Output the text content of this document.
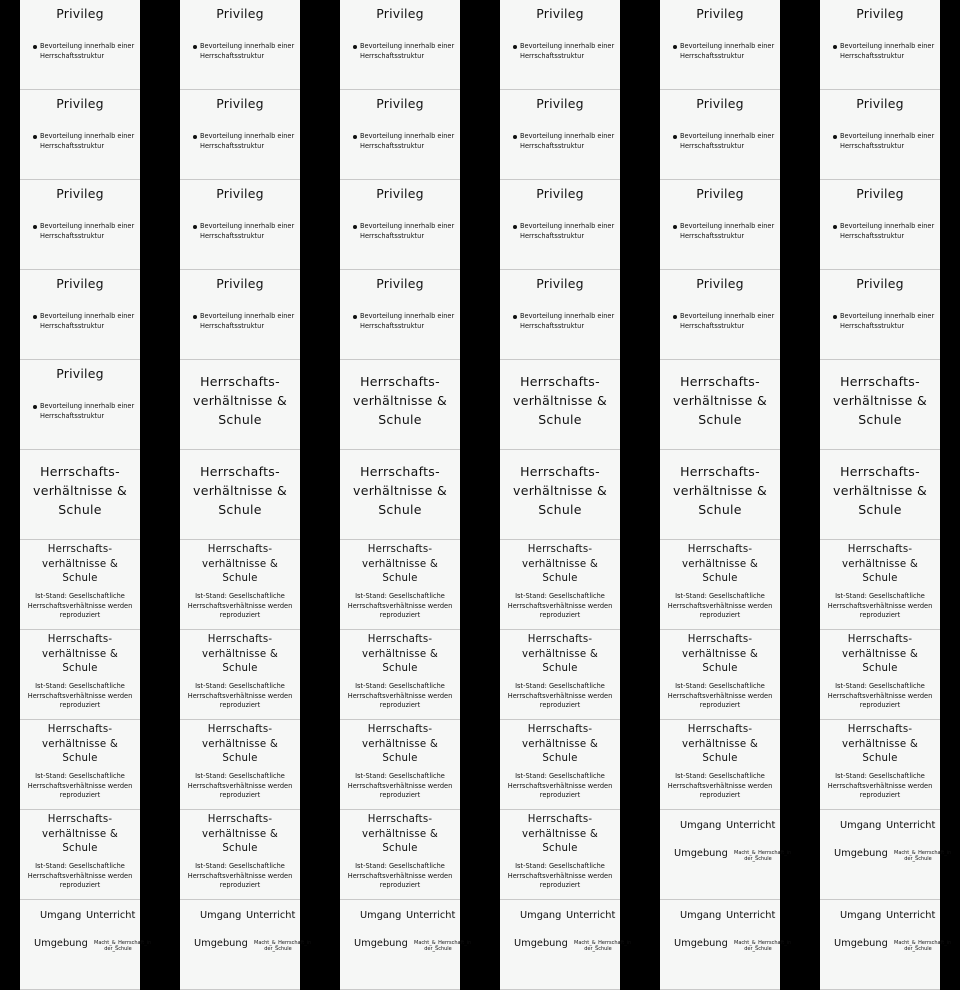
Privileg
Bevorteilung innerhalb einer
Herrschaftsstruktur
Privileg
Bevorteilung innerhalb einer
Herrschaftsstruktur
Privileg
Bevorteilung innerhalb einer
Herrschaftsstruktur
Privileg
Bevorteilung innerhalb einer
Herrschaftsstruktur
Privileg
Bevorteilung innerhalb einer
Herrschaftsstruktur
Herrschafts-
verhältnisse &
Schule
Herrschafts-
verhältnisse &
Schule
Ist-Stand: Gesellschaftliche
Herrschaftsverhältnisse werden
reproduziert
Herrschafts-
verhältnisse &
Schule
Ist-Stand: Gesellschaftliche
Herrschaftsverhältnisse werden
reproduziert
Herrschafts-
verhältnisse &
Schule
Ist-Stand: Gesellschaftliche
Herrschaftsverhältnisse werden
reproduziert
Herrschafts-
verhältnisse &
Schule
Ist-Stand: Gesellschaftliche
Herrschaftsverhältnisse werden
reproduziert
Umgang Unterricht
Umgebung Macht_&_Herrschaft_in
der_Schule
Privileg
Bevorteilung innerhalb einer
Herrschaftsstruktur
Privileg
Bevorteilung innerhalb einer
Herrschaftsstruktur
Privileg
Bevorteilung innerhalb einer
Herrschaftsstruktur
Privileg
Bevorteilung innerhalb einer
Herrschaftsstruktur
Herrschafts-
verhältnisse &
Schule
Herrschafts-
verhältnisse &
Schule
Herrschafts-
verhältnisse &
Schule
Ist-Stand: Gesellschaftliche
Herrschaftsverhältnisse werden
reproduziert
Herrschafts-
verhältnisse &
Schule
Ist-Stand: Gesellschaftliche
Herrschaftsverhältnisse werden
reproduziert
Herrschafts-
verhältnisse &
Schule
Ist-Stand: Gesellschaftliche
Herrschaftsverhältnisse werden
reproduziert
Herrschafts-
verhältnisse &
Schule
Ist-Stand: Gesellschaftliche
Herrschaftsverhältnisse werden
reproduziert
Umgang Unterricht
Umgebung Macht_&_Herrschaft_in
der_Schule
Privileg
Bevorteilung innerhalb einer
Herrschaftsstruktur
Privileg
Bevorteilung innerhalb einer
Herrschaftsstruktur
Privileg
Bevorteilung innerhalb einer
Herrschaftsstruktur
Privileg
Bevorteilung innerhalb einer
Herrschaftsstruktur
Herrschafts-
verhältnisse &
Schule
Herrschafts-
verhältnisse &
Schule
Herrschafts-
verhältnisse &
Schule
Ist-Stand: Gesellschaftliche
Herrschaftsverhältnisse werden
reproduziert
Herrschafts-
verhältnisse &
Schule
Ist-Stand: Gesellschaftliche
Herrschaftsverhältnisse werden
reproduziert
Herrschafts-
verhältnisse &
Schule
Ist-Stand: Gesellschaftliche
Herrschaftsverhältnisse werden
reproduziert
Herrschafts-
verhältnisse &
Schule
Ist-Stand: Gesellschaftliche
Herrschaftsverhältnisse werden
reproduziert
Umgang Unterricht
Umgebung Macht_&_Herrschaft_in
der_Schule
Privileg
Bevorteilung innerhalb einer
Herrschaftsstruktur
Privileg
Bevorteilung innerhalb einer
Herrschaftsstruktur
Privileg
Bevorteilung innerhalb einer
Herrschaftsstruktur
Privileg
Bevorteilung innerhalb einer
Herrschaftsstruktur
Herrschafts-
verhältnisse &
Schule
Herrschafts-
verhältnisse &
Schule
Herrschafts-
verhältnisse &
Schule
Ist-Stand: Gesellschaftliche
Herrschaftsverhältnisse werden
reproduziert
Herrschafts-
verhältnisse &
Schule
Ist-Stand: Gesellschaftliche
Herrschaftsverhältnisse werden
reproduziert
Herrschafts-
verhältnisse &
Schule
Ist-Stand: Gesellschaftliche
Herrschaftsverhältnisse werden
reproduziert
Herrschafts-
verhältnisse &
Schule
Ist-Stand: Gesellschaftliche
Herrschaftsverhältnisse werden
reproduziert
Umgang Unterricht
Umgebung Macht_&_Herrschaft_in
der_Schule
Privileg
Bevorteilung innerhalb einer
Herrschaftsstruktur
Privileg
Bevorteilung innerhalb einer
Herrschaftsstruktur
Privileg
Bevorteilung innerhalb einer
Herrschaftsstruktur
Privileg
Bevorteilung innerhalb einer
Herrschaftsstruktur
Herrschafts-
verhältnisse &
Schule
Herrschafts-
verhältnisse &
Schule
Herrschafts-
verhältnisse &
Schule
Ist-Stand: Gesellschaftliche
Herrschaftsverhältnisse werden
reproduziert
Herrschafts-
verhältnisse &
Schule
Ist-Stand: Gesellschaftliche
Herrschaftsverhältnisse werden
reproduziert
Herrschafts-
verhältnisse &
Schule
Ist-Stand: Gesellschaftliche
Herrschaftsverhältnisse werden
reproduziert
Umgang Unterricht
Umgebung Macht_&_Herrschaft_in
der_Schule
Umgang Unterricht
Umgebung Macht_&_Herrschaft_in
der_Schule
Privileg
Bevorteilung innerhalb einer
Herrschaftsstruktur
Privileg
Bevorteilung innerhalb einer
Herrschaftsstruktur
Privileg
Bevorteilung innerhalb einer
Herrschaftsstruktur
Privileg
Bevorteilung innerhalb einer
Herrschaftsstruktur
Herrschafts-
verhältnisse &
Schule
Herrschafts-
verhältnisse &
Schule
Herrschafts-
verhältnisse &
Schule
Ist-Stand: Gesellschaftliche
Herrschaftsverhältnisse werden
reproduziert
Herrschafts-
verhältnisse &
Schule
Ist-Stand: Gesellschaftliche
Herrschaftsverhältnisse werden
reproduziert
Herrschafts-
verhältnisse &
Schule
Ist-Stand: Gesellschaftliche
Herrschaftsverhältnisse werden
reproduziert
Umgang Unterricht
Umgebung Macht_&_Herrschaft_in
der_Schule
Umgang Unterricht
Umgebung Macht_&_Herrschaft_in
der_Schule
